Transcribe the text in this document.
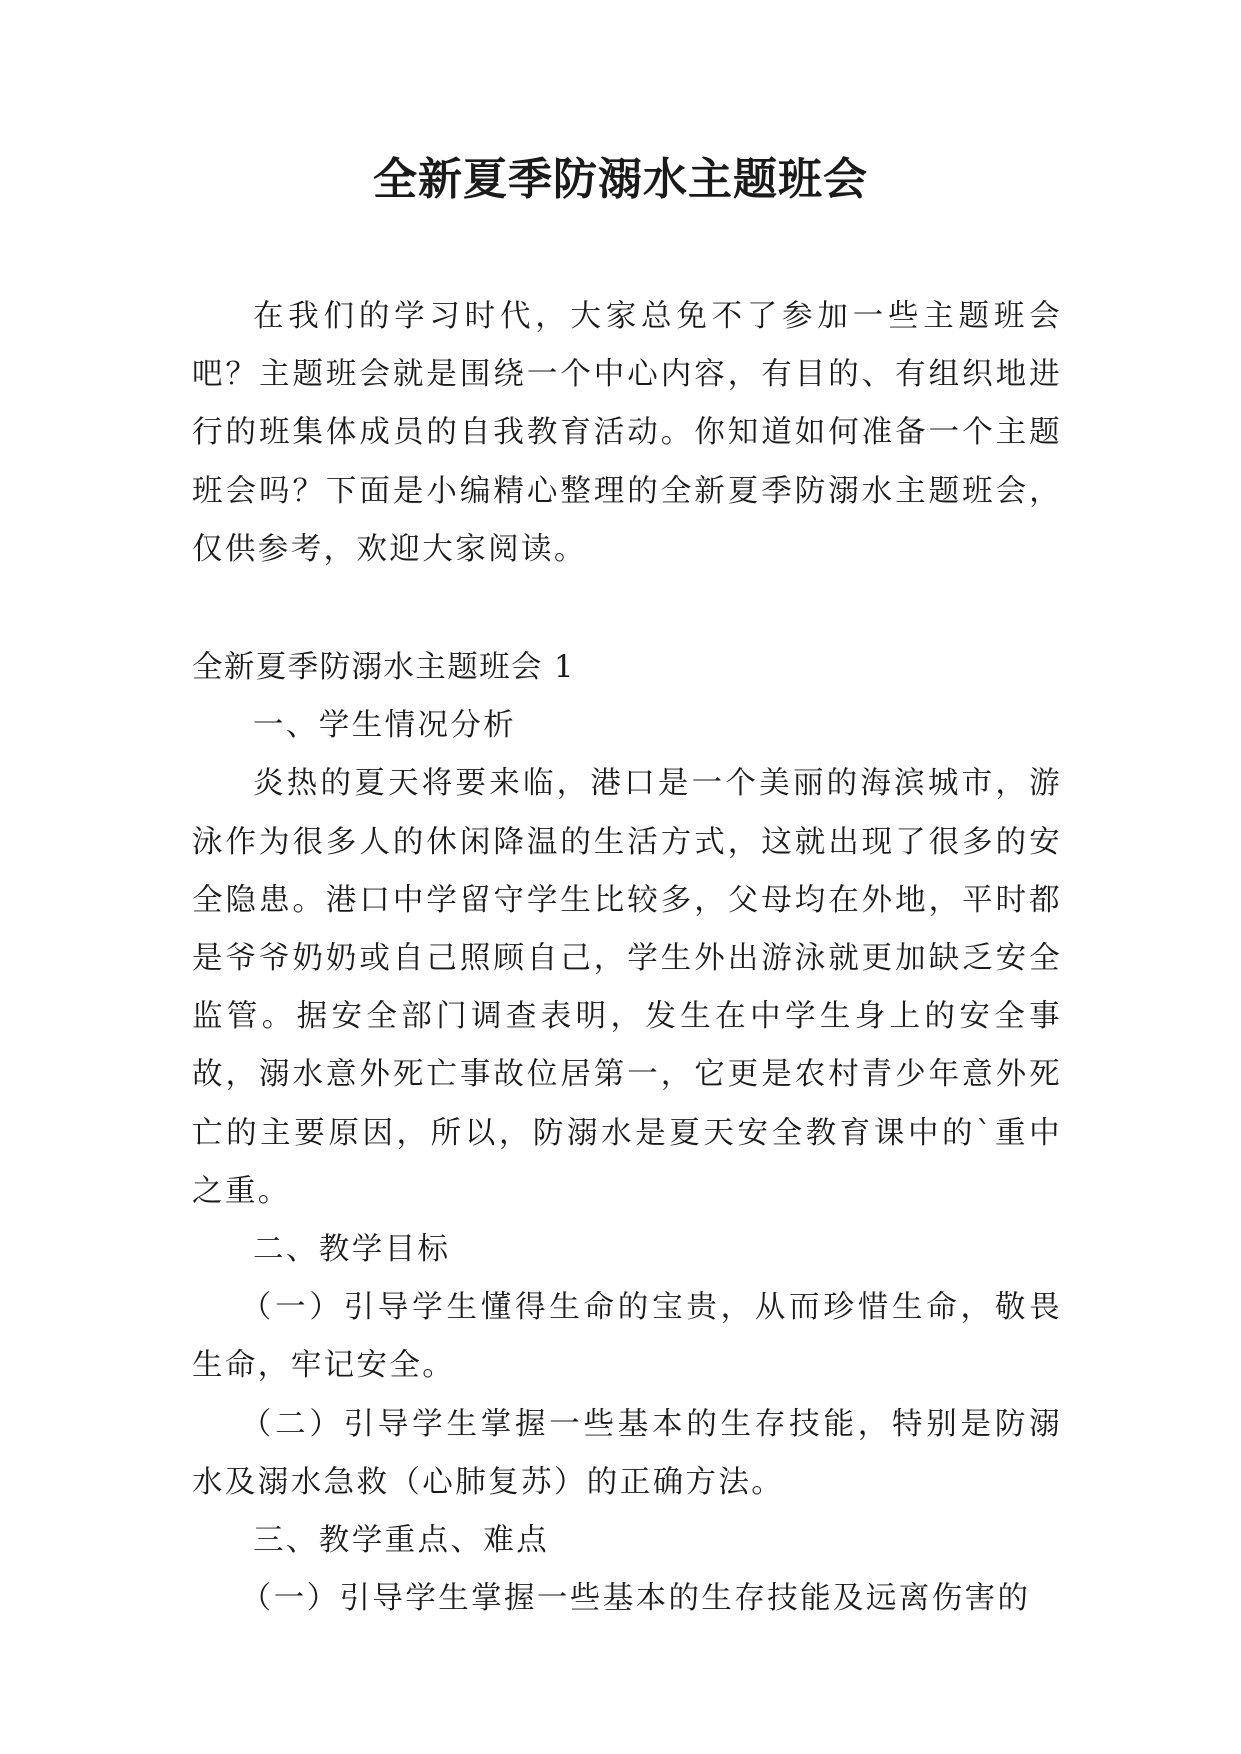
全新夏季防溺水主题班会

在我们的学习时代，大家总免不了参加一些主题班会吧？主题班会就是围绕一个中心内容，有目的、有组织地进行的班集体成员的自我教育活动。你知道如何准备一个主题班会吗？下面是小编精心整理的全新夏季防溺水主题班会，仅供参考，欢迎大家阅读。

全新夏季防溺水主题班会 1

一、学生情况分析

炎热的夏天将要来临，港口是一个美丽的海滨城市，游泳作为很多人的休闲降温的生活方式，这就出现了很多的安全隐患。港口中学留守学生比较多，父母均在外地，平时都是爷爷奶奶或自己照顾自己，学生外出游泳就更加缺乏安全监管。据安全部门调查表明，发生在中学生身上的安全事故，溺水意外死亡事故位居第一，它更是农村青少年意外死亡的主要原因，所以，防溺水是夏天安全教育课中的`重中之重。

二、教学目标

（一）引导学生懂得生命的宝贵，从而珍惜生命，敬畏生命，牢记安全。

（二）引导学生掌握一些基本的生存技能，特别是防溺水及溺水急救（心肺复苏）的正确方法。

三、教学重点、难点

（一）引导学生掌握一些基本的生存技能及远离伤害的
